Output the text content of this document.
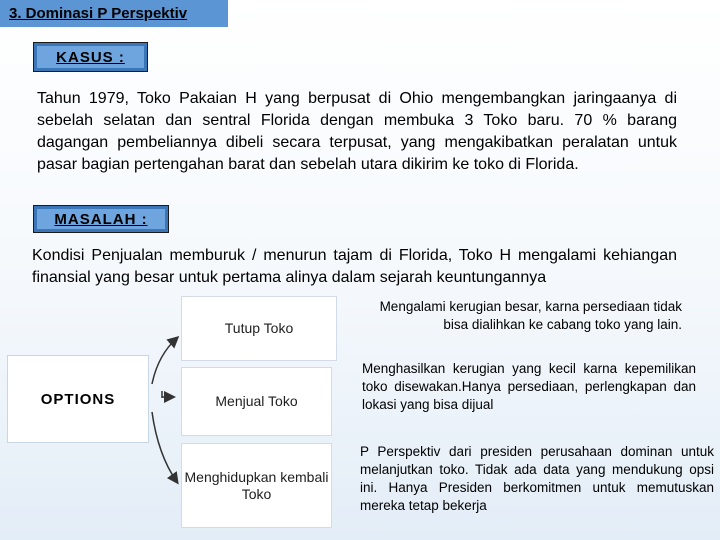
3. Dominasi P Perspektiv
KASUS :

Tahun 1979, Toko Pakaian H yang berpusat di Ohio mengembangkan jaringaanya di sebelah selatan dan sentral Florida dengan membuka 3 Toko baru. 70 % barang dagangan pembeliannya dibeli secara terpusat, yang mengakibatkan peralatan untuk pasar bagian pertengahan barat dan sebelah utara dikirim ke toko di Florida.

MASALAH :

Kondisi Penjualan memburuk / menurun tajam di Florida, Toko H mengalami kehiangan finansial yang besar untuk pertama alinya dalam sejarah keuntungannya

OPTIONS
Tutup Toko
Menjual Toko
Menghidupkan kembali Toko
Mengalami kerugian besar, karna persediaan tidak bisa dialihkan ke cabang toko yang lain.
Menghasilkan kerugian yang kecil karna kepemilikan toko disewakan.Hanya persediaan, perlengkapan dan lokasi yang bisa dijual
P Perspektiv dari presiden perusahaan dominan untuk melanjutkan toko. Tidak ada data yang mendukung opsi ini. Hanya Presiden berkomitmen untuk memutuskan mereka tetap bekerja
